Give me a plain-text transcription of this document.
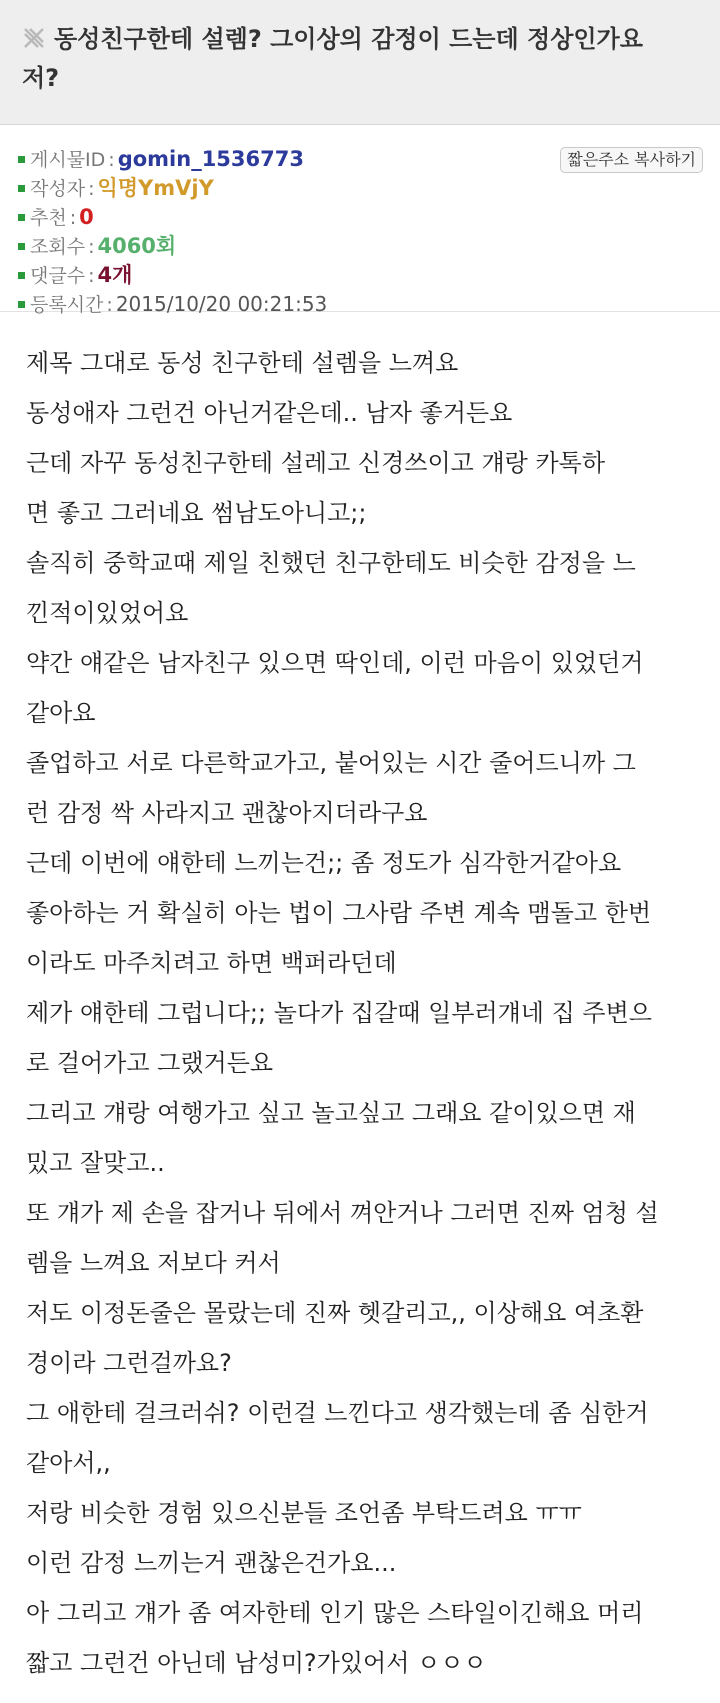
동성친구한테 설렘? 그이상의 감정이 드는데 정상인가요
저?
짧은주소 복사하기
게시물ID : gomin_1536773
작성자 : 익명YmVjY
추천 : 0
조회수 : 4060회
댓글수 : 4개
등록시간 : 2015/10/20 00:21:53
제목 그대로 동성 친구한테 설렘을 느껴요
동성애자 그런건 아닌거같은데.. 남자 좋거든요
근데 자꾸 동성친구한테 설레고 신경쓰이고 걔랑 카톡하
면 좋고 그러네요 썸남도아니고;;
솔직히 중학교때 제일 친했던 친구한테도 비슷한 감정을 느
낀적이있었어요
약간 얘같은 남자친구 있으면 딱인데, 이런 마음이 있었던거
같아요
졸업하고 서로 다른학교가고, 붙어있는 시간 줄어드니까 그
런 감정 싹 사라지고 괜찮아지더라구요
근데 이번에 얘한테 느끼는건;; 좀 정도가 심각한거같아요
좋아하는 거 확실히 아는 법이 그사람 주변 계속 맴돌고 한번
이라도 마주치려고 하면 백퍼라던데
제가 얘한테 그럽니다;; 놀다가 집갈때 일부러걔네 집 주변으
로 걸어가고 그랬거든요
그리고 걔랑 여행가고 싶고 놀고싶고 그래요 같이있으면 재
밌고 잘맞고..
또 걔가 제 손을 잡거나 뒤에서 껴안거나 그러면 진짜 엄청 설
렘을 느껴요 저보다 커서
저도 이정돈줄은 몰랐는데 진짜 헷갈리고,, 이상해요 여초환
경이라 그런걸까요?
그 애한테 걸크러쉬? 이런걸 느낀다고 생각했는데 좀 심한거
같아서,,
저랑 비슷한 경험 있으신분들 조언좀 부탁드려요 ㅠㅠ
이런 감정 느끼는거 괜찮은건가요...
아 그리고 걔가 좀 여자한테 인기 많은 스타일이긴해요 머리
짧고 그런건 아닌데 남성미?가있어서 ㅇㅇㅇ
